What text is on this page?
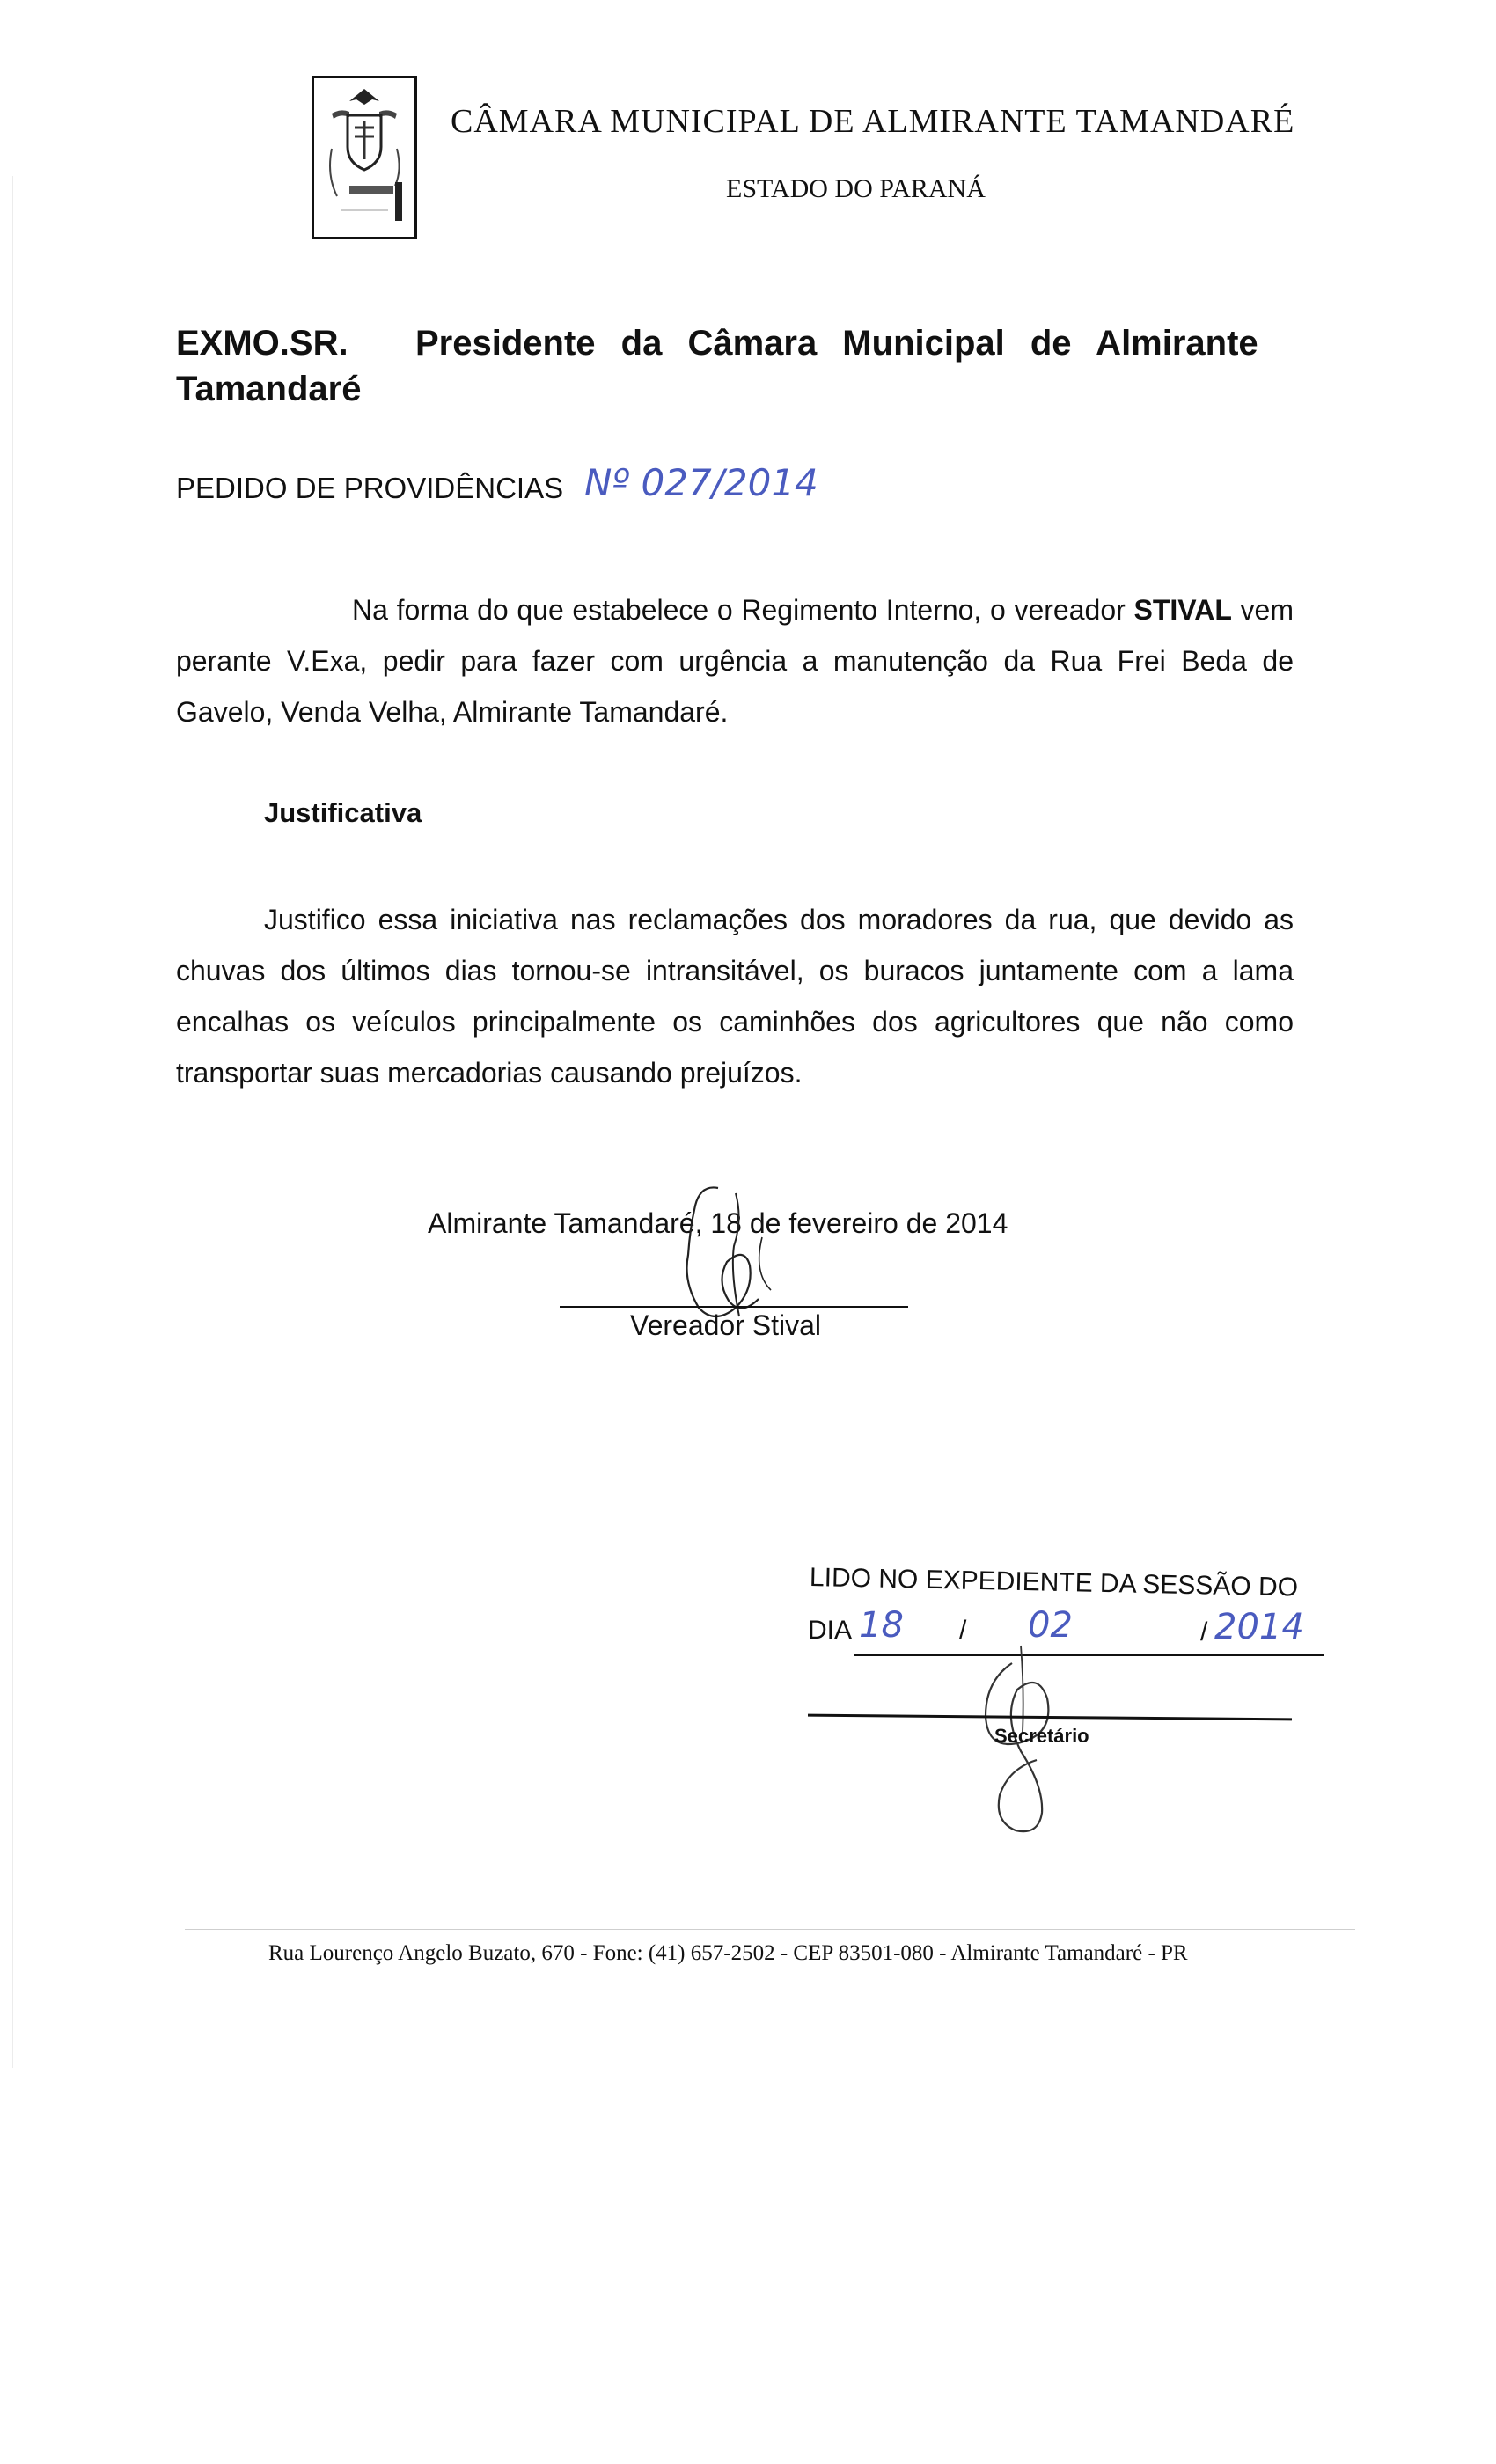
CÂMARA MUNICIPAL DE ALMIRANTE TAMANDARÉ
ESTADO DO PARANÁ
EXMO.SR. Presidente da Câmara Municipal de Almirante
Tamandaré
PEDIDO DE PROVIDÊNCIAS Nº 027/2014
Na forma do que estabelece o Regimento Interno, o vereador STIVAL vem perante V.Exa, pedir para fazer com urgência a manutenção da Rua Frei Beda de Gavelo, Venda Velha, Almirante Tamandaré.
Justificativa
Justifico essa iniciativa nas reclamações dos moradores da rua, que devido as chuvas dos últimos dias tornou-se intransitável, os buracos juntamente com a lama encalhas os veículos principalmente os caminhões dos agricultores que não como transportar suas mercadorias causando prejuízos.
Almirante Tamandaré, 18 de fevereiro de 2014
Vereador Stival
LIDO NO EXPEDIENTE DA SESSÃO DO
DIA 18 / 02	/ 2014
Secretário
Rua Lourenço Angelo Buzato, 670 - Fone: (41) 657-2502 - CEP 83501-080 - Almirante Tamandaré - PR
